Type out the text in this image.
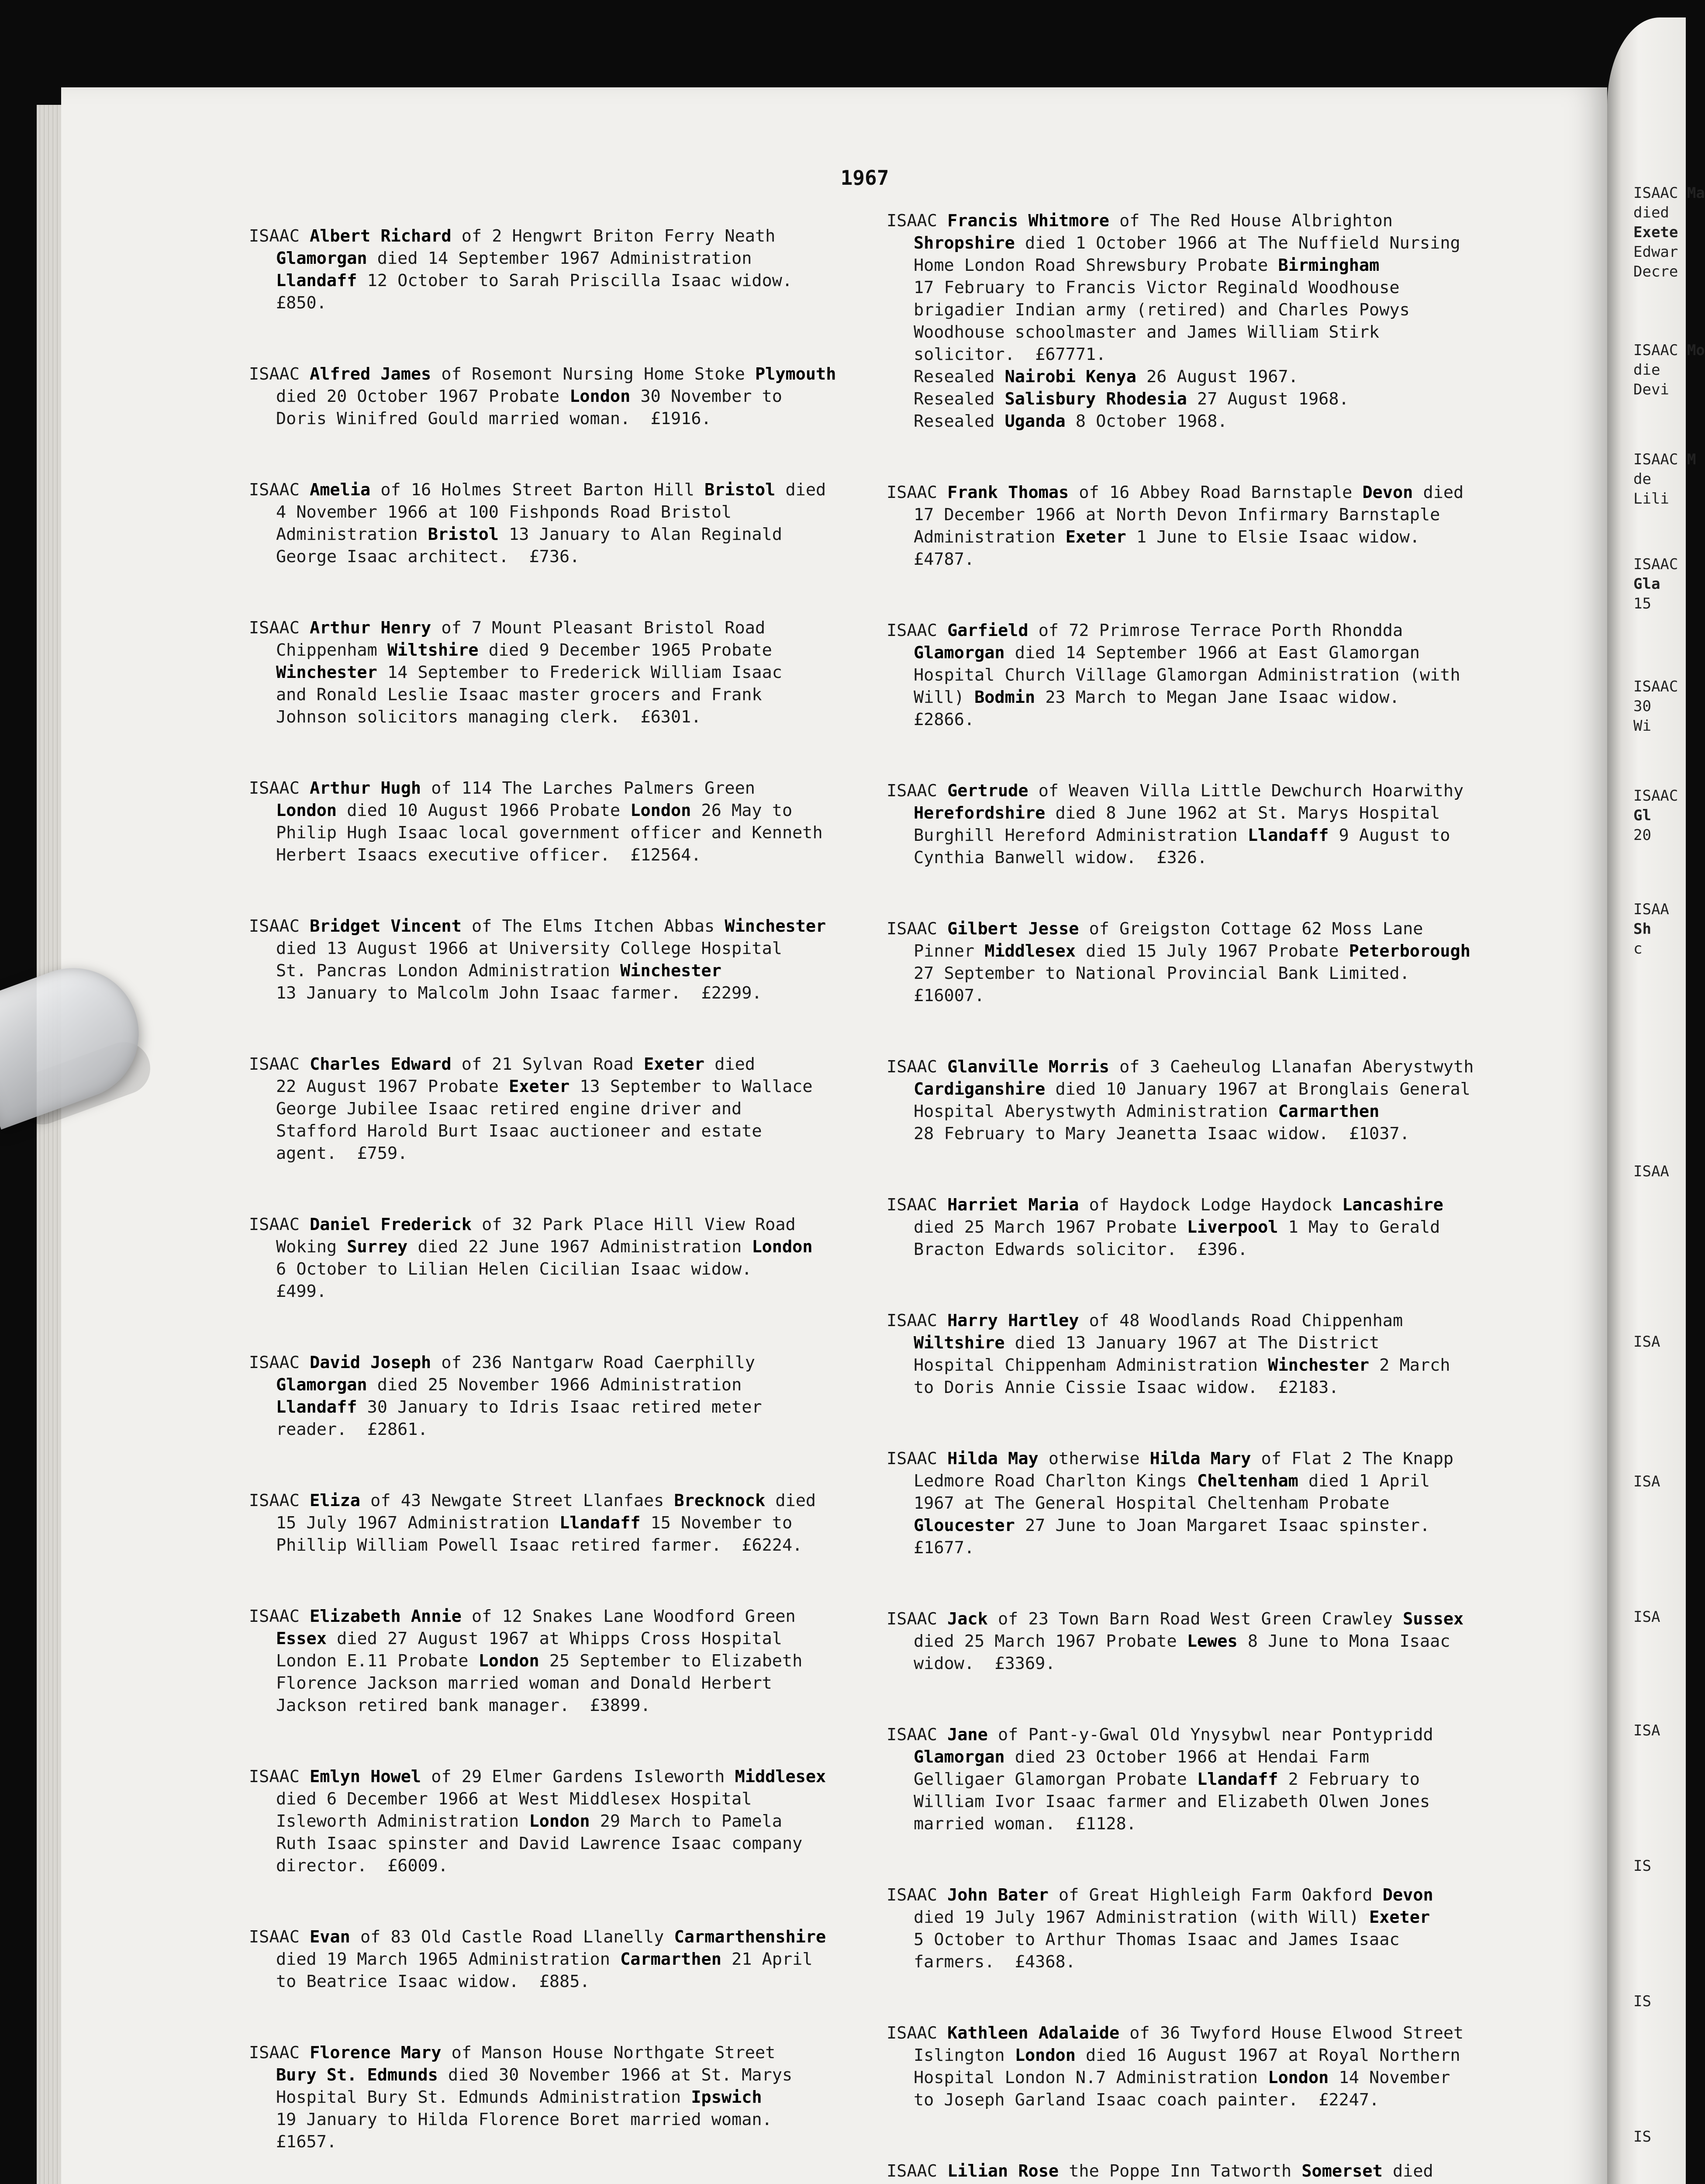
ISAAC Ma
died
Exete
Edwar
Decre
ISAAC Mo
die
Devi
ISAAC M
de
Lili
ISAAC
Gla
15
ISAAC
30
Wi
ISAAC
Gl
20
ISAA
Sh
c
ISAA
ISA
ISA
ISA
ISA
IS
IS
IS
1967
ISAAC Albert Richard of 2 Hengwrt Briton Ferry Neath
Glamorgan died 14 September 1967 Administration
Llandaff 12 October to Sarah Priscilla Isaac widow.
£850.
ISAAC Alfred James of Rosemont Nursing Home Stoke Plymouth
died 20 October 1967 Probate London 30 November to
Doris Winifred Gould married woman.  £1916.
ISAAC Amelia of 16 Holmes Street Barton Hill Bristol died
4 November 1966 at 100 Fishponds Road Bristol
Administration Bristol 13 January to Alan Reginald
George Isaac architect.  £736.
ISAAC Arthur Henry of 7 Mount Pleasant Bristol Road
Chippenham Wiltshire died 9 December 1965 Probate
Winchester 14 September to Frederick William Isaac
and Ronald Leslie Isaac master grocers and Frank
Johnson solicitors managing clerk.  £6301.
ISAAC Arthur Hugh of 114 The Larches Palmers Green
London died 10 August 1966 Probate London 26 May to
Philip Hugh Isaac local government officer and Kenneth
Herbert Isaacs executive officer.  £12564.
ISAAC Bridget Vincent of The Elms Itchen Abbas Winchester
died 13 August 1966 at University College Hospital
St. Pancras London Administration Winchester
13 January to Malcolm John Isaac farmer.  £2299.
ISAAC Charles Edward of 21 Sylvan Road Exeter died
22 August 1967 Probate Exeter 13 September to Wallace
George Jubilee Isaac retired engine driver and
Stafford Harold Burt Isaac auctioneer and estate
agent.  £759.
ISAAC Daniel Frederick of 32 Park Place Hill View Road
Woking Surrey died 22 June 1967 Administration London
6 October to Lilian Helen Cicilian Isaac widow.
£499.
ISAAC David Joseph of 236 Nantgarw Road Caerphilly
Glamorgan died 25 November 1966 Administration
Llandaff 30 January to Idris Isaac retired meter
reader.  £2861.
ISAAC Eliza of 43 Newgate Street Llanfaes Brecknock died
15 July 1967 Administration Llandaff 15 November to
Phillip William Powell Isaac retired farmer.  £6224.
ISAAC Elizabeth Annie of 12 Snakes Lane Woodford Green
Essex died 27 August 1967 at Whipps Cross Hospital
London E.11 Probate London 25 September to Elizabeth
Florence Jackson married woman and Donald Herbert
Jackson retired bank manager.  £3899.
ISAAC Emlyn Howel of 29 Elmer Gardens Isleworth Middlesex
died 6 December 1966 at West Middlesex Hospital
Isleworth Administration London 29 March to Pamela
Ruth Isaac spinster and David Lawrence Isaac company
director.  £6009.
ISAAC Evan of 83 Old Castle Road Llanelly Carmarthenshire
died 19 March 1965 Administration Carmarthen 21 April
to Beatrice Isaac widow.  £885.
ISAAC Florence Mary of Manson House Northgate Street
Bury St. Edmunds died 30 November 1966 at St. Marys
Hospital Bury St. Edmunds Administration Ipswich
19 January to Hilda Florence Boret married woman.
£1657.
ISAAC Francis Whitmore of The Red House Albrighton
Shropshire died 1 October 1966 at The Nuffield Nursing
Home London Road Shrewsbury Probate Birmingham
17 February to Francis Victor Reginald Woodhouse
brigadier Indian army (retired) and Charles Powys
Woodhouse schoolmaster and James William Stirk
solicitor.  £67771.
Resealed Nairobi Kenya 26 August 1967.
Resealed Salisbury Rhodesia 27 August 1968.
Resealed Uganda 8 October 1968.
ISAAC Frank Thomas of 16 Abbey Road Barnstaple Devon died
17 December 1966 at North Devon Infirmary Barnstaple
Administration Exeter 1 June to Elsie Isaac widow.
£4787.
ISAAC Garfield of 72 Primrose Terrace Porth Rhondda
Glamorgan died 14 September 1966 at East Glamorgan
Hospital Church Village Glamorgan Administration (with
Will) Bodmin 23 March to Megan Jane Isaac widow.
£2866.
ISAAC Gertrude of Weaven Villa Little Dewchurch Hoarwithy
Herefordshire died 8 June 1962 at St. Marys Hospital
Burghill Hereford Administration Llandaff 9 August to
Cynthia Banwell widow.  £326.
ISAAC Gilbert Jesse of Greigston Cottage 62 Moss Lane
Pinner Middlesex died 15 July 1967 Probate Peterborough
27 September to National Provincial Bank Limited.
£16007.
ISAAC Glanville Morris of 3 Caeheulog Llanafan Aberystwyth
Cardiganshire died 10 January 1967 at Bronglais General
Hospital Aberystwyth Administration Carmarthen
28 February to Mary Jeanetta Isaac widow.  £1037.
ISAAC Harriet Maria of Haydock Lodge Haydock Lancashire
died 25 March 1967 Probate Liverpool 1 May to Gerald
Bracton Edwards solicitor.  £396.
ISAAC Harry Hartley of 48 Woodlands Road Chippenham
Wiltshire died 13 January 1967 at The District
Hospital Chippenham Administration Winchester 2 March
to Doris Annie Cissie Isaac widow.  £2183.
ISAAC Hilda May otherwise Hilda Mary of Flat 2 The Knapp
Ledmore Road Charlton Kings Cheltenham died 1 April
1967 at The General Hospital Cheltenham Probate
Gloucester 27 June to Joan Margaret Isaac spinster.
£1677.
ISAAC Jack of 23 Town Barn Road West Green Crawley Sussex
died 25 March 1967 Probate Lewes 8 June to Mona Isaac
widow.  £3369.
ISAAC Jane of Pant-y-Gwal Old Ynysybwl near Pontypridd
Glamorgan died 23 October 1966 at Hendai Farm
Gelligaer Glamorgan Probate Llandaff 2 February to
William Ivor Isaac farmer and Elizabeth Olwen Jones
married woman.  £1128.
ISAAC John Bater of Great Highleigh Farm Oakford Devon
died 19 July 1967 Administration (with Will) Exeter
5 October to Arthur Thomas Isaac and James Isaac
farmers.  £4368.
ISAAC Kathleen Adalaide of 36 Twyford House Elwood Street
Islington London died 16 August 1967 at Royal Northern
Hospital London N.7 Administration London 14 November
to Joseph Garland Isaac coach painter.  £2247.
ISAAC Lilian Rose the Poppe Inn Tatworth Somerset died
